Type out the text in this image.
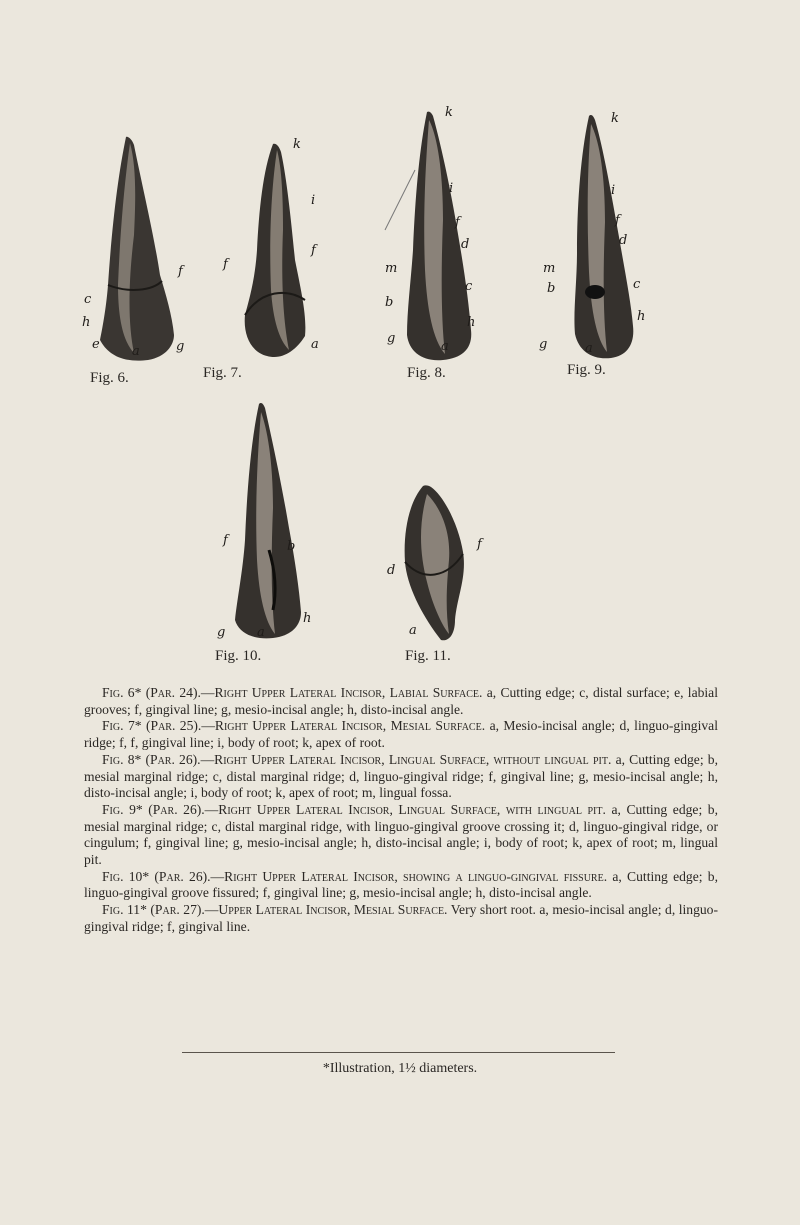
f
c
h
e a	g
Fig. 6.
k
i
f
f
a
Fig. 7.
k
i
f
d
m
c
b
g
a
h
Fig. 8.
k
i
f
d
m
c
b
h
g	a
Fig. 9.
f	b
g a
h
Fig. 10.
f
d
a
Fig. 11.

Fig. 6* (Par. 24).—Right Upper Lateral Incisor, Labial Surface. a, Cutting edge; c, distal surface; e, labial grooves; f, gingival line; g, mesio-incisal angle; h, disto-incisal angle.

Fig. 7* (Par. 25).—Right Upper Lateral Incisor, Mesial Surface. a, Mesio-incisal angle; d, linguo-gingival ridge; f, f, gingival line; i, body of root; k, apex of root.

Fig. 8* (Par. 26).—Right Upper Lateral Incisor, Lingual Surface, without lingual pit. a, Cutting edge; b, mesial marginal ridge; c, distal marginal ridge; d, linguo-gingival ridge; f, gingival line; g, mesio-incisal angle; h, disto-incisal angle; i, body of root; k, apex of root; m, lingual fossa.

Fig. 9* (Par. 26).—Right Upper Lateral Incisor, Lingual Surface, with lingual pit. a, Cutting edge; b, mesial marginal ridge; c, distal marginal ridge, with linguo-gingival groove crossing it; d, linguo-gingival ridge, or cingulum; f, gingival line; g, mesio-incisal angle; h, disto-incisal angle; i, body of root; k, apex of root; m, lingual pit.

Fig. 10* (Par. 26).—Right Upper Lateral Incisor, showing a linguo-gingival fissure. a, Cutting edge; b, linguo-gingival groove fissured; f, gingival line; g, mesio-incisal angle; h, disto-incisal angle.

Fig. 11* (Par. 27).—Upper Lateral Incisor, Mesial Surface. Very short root. a, mesio-incisal angle; d, linguo-gingival ridge; f, gingival line.

*Illustration, 1½ diameters.
